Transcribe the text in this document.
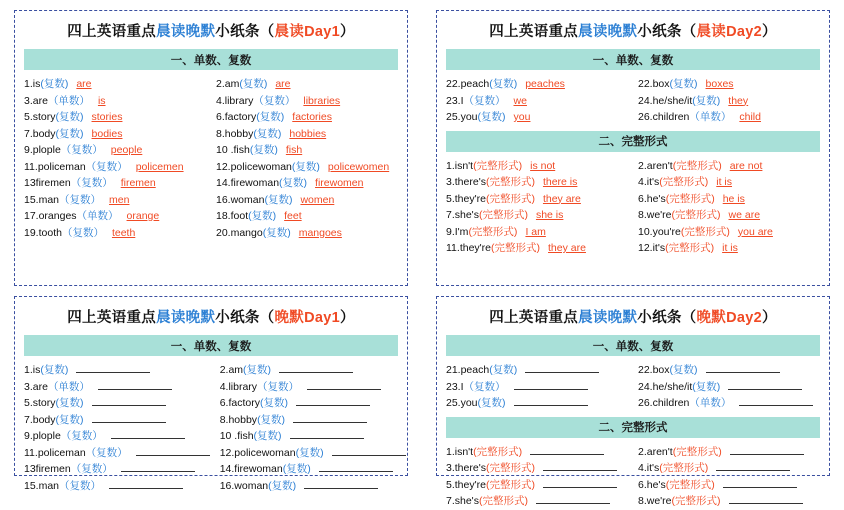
四上英语重点晨读晚默小纸条（晨读Day1）
一、单数、复数
1.is(复数) are	2.am(复数) are
3.are（单数） is	4.library（复数） libraries
5.story(复数) stories	6.factory(复数) factories
7.body(复数) bodies	8.hobby(复数) hobbies
9.plople（复数） people	10 .fish(复数) fish
11.policeman（复数） policemen	12.policewoman(复数) policewomen
13firemen（复数） firemen	14.firewoman(复数) firewomen
15.man（复数） men	16.woman(复数) women
17.oranges（单数） orange	18.foot(复数) feet
19.tooth（复数） teeth	20.mango(复数) mangoes
四上英语重点晨读晚默小纸条（晨读Day2）
一、单数、复数
22.peach(复数) peaches	22.box(复数) boxes
23.I（复数） we	24.he/she/it(复数) they
25.you(复数) you	26.children（单数） child
二、完整形式
1.isn't(完整形式) is not	2.aren't(完整形式) are not
3.there's(完整形式) there is	4.it's(完整形式) it is
5.they're(完整形式) they are	6.he's(完整形式) he is
7.she's(完整形式) she is	8.we're(完整形式) we are
9.I'm(完整形式) I am	10.you're(完整形式) you are
11.they're(完整形式) they are	12.it's(完整形式) it is
四上英语重点晨读晚默小纸条（晚默Day1）
一、单数、复数
1.is(复数)	2.am(复数)
3.are（单数）	4.library（复数）
5.story(复数)	6.factory(复数)
7.body(复数)	8.hobby(复数)
9.plople（复数）	10 .fish(复数)
11.policeman（复数）	12.policewoman(复数)
13firemen（复数）	14.firewoman(复数)
15.man（复数）	16.woman(复数)
四上英语重点晨读晚默小纸条（晚默Day2）
一、单数、复数
21.peach(复数)	22.box(复数)
23.I（复数）	24.he/she/it(复数)
25.you(复数)	26.children（单数）
二、完整形式
1.isn't(完整形式)	2.aren't(完整形式)
3.there's(完整形式)	4.it's(完整形式)
5.they're(完整形式)	6.he's(完整形式)
7.she's(完整形式)	8.we're(完整形式)
